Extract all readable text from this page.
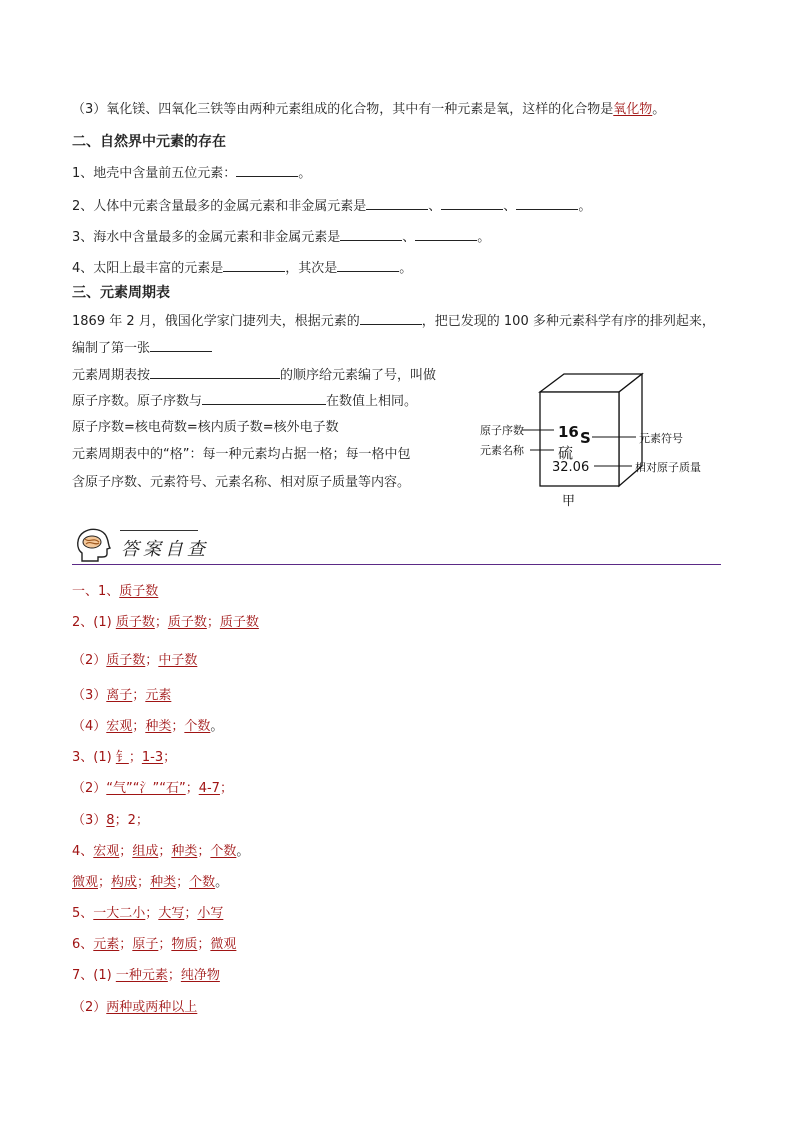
（3）氧化镁、四氧化三铁等由两种元素组成的化合物，其中有一种元素是氧，这样的化合物是氧化物。
二、自然界中元素的存在
1、地壳中含量前五位元素：	。
2、人体中元素含量最多的金属元素和非金属元素是	、	、	。
3、海水中含量最多的金属元素和非金属元素是	、	。
4、太阳上最丰富的元素是	，其次是	。
三、元素周期表
1869 年 2 月，俄国化学家门捷列夫，根据元素的	，把已发现的 100 多种元素科学有序的排列起来，
编制了第一张
元素周期表按	的顺序给元素编了号，叫做
原子序数。原子序数与	在数值上相同。
原子序数=核电荷数=核内质子数=核外电子数
元素周期表中的“格”：每一种元素均占据一格；每一格中包
含原子序数、元素符号、元素名称、相对原子质量等内容。
16 S
硫
32.06
原子序数
元素名称
元素符号
相对原子质量
甲
答案自查
一、1、质子数
2、(1) 质子数；质子数；质子数
（2）质子数；中子数
（3）离子；元素
（4）宏观；种类；个数。
3、(1) 钅；1-3；
（2）“气”“氵”“石”；4-7；
（3）8；2；
4、宏观；组成；种类；个数。
微观；构成；种类；个数。
5、一大二小；大写；小写
6、元素；原子；物质；微观
7、(1) 一种元素；纯净物
（2）两种或两种以上
